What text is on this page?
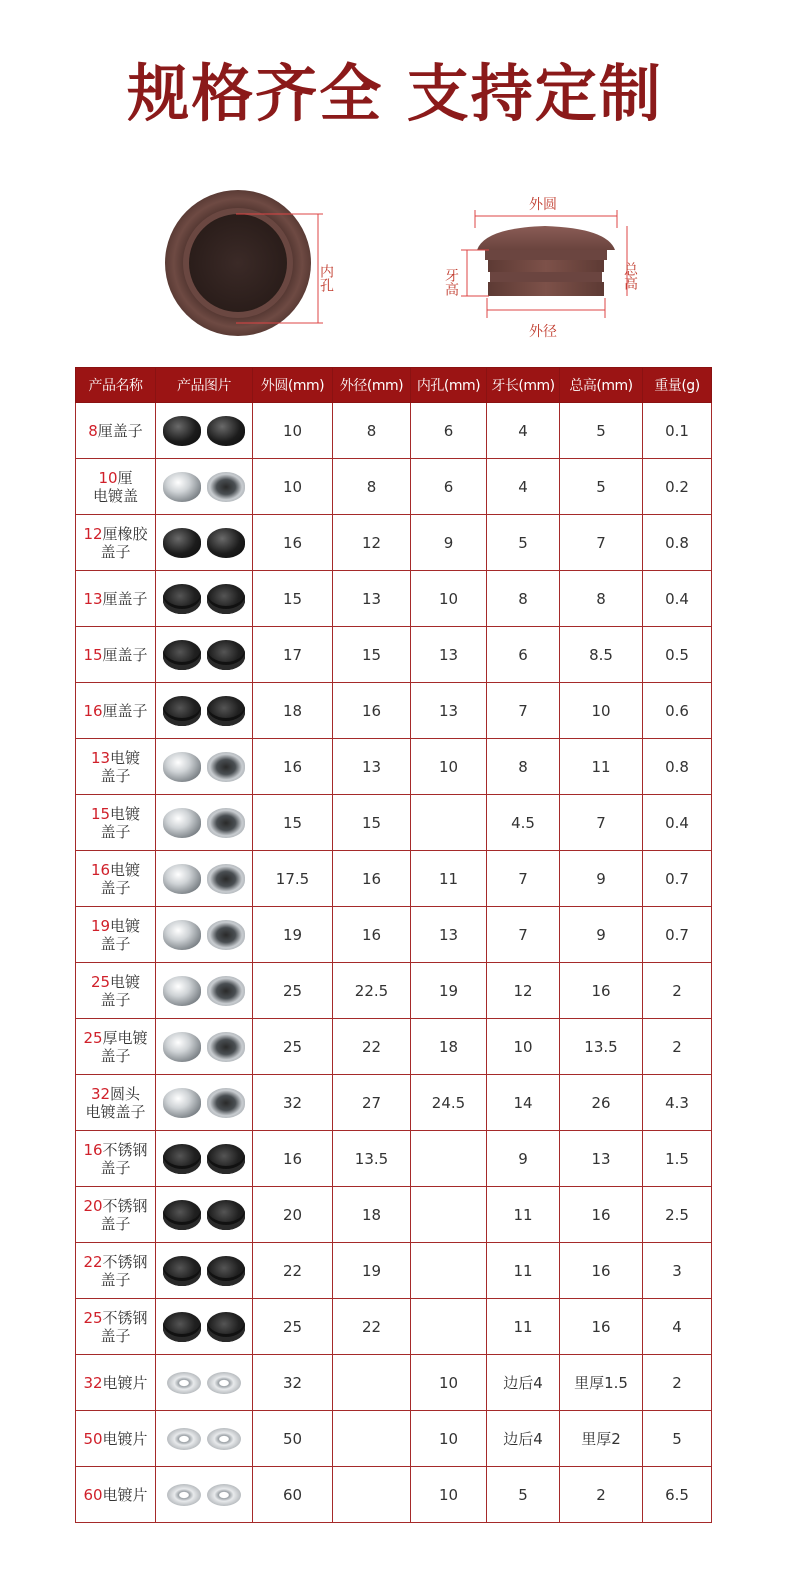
规格齐全 支持定制
内孔
外圆
总高
牙高
外径
产品名称	产品图片	外圆(mm)	外径(mm)	内孔(mm)	牙长(mm)	总高(mm)	重量(g)
8厘盖子		10	8	6	4	5	0.1
10厘
电镀盖		10	8	6	4	5	0.2
12厘橡胶
盖子		16	12	9	5	7	0.8
13厘盖子		15	13	10	8	8	0.4
15厘盖子		17	15	13	6	8.5	0.5
16厘盖子		18	16	13	7	10	0.6
13电镀
盖子		16	13	10	8	11	0.8
15电镀
盖子		15	15		4.5	7	0.4
16电镀
盖子		17.5	16	11	7	9	0.7
19电镀
盖子		19	16	13	7	9	0.7
25电镀
盖子		25	22.5	19	12	16	2
25厚电镀
盖子		25	22	18	10	13.5	2
32圆头
电镀盖子		32	27	24.5	14	26	4.3
16不锈钢
盖子		16	13.5		9	13	1.5
20不锈钢
盖子		20	18		11	16	2.5
22不锈钢
盖子		22	19		11	16	3
25不锈钢
盖子		25	22		11	16	4
32电镀片		32		10	边后4	里厚1.5	2
50电镀片		50		10	边后4	里厚2	5
60电镀片		60		10	5	2	6.5
